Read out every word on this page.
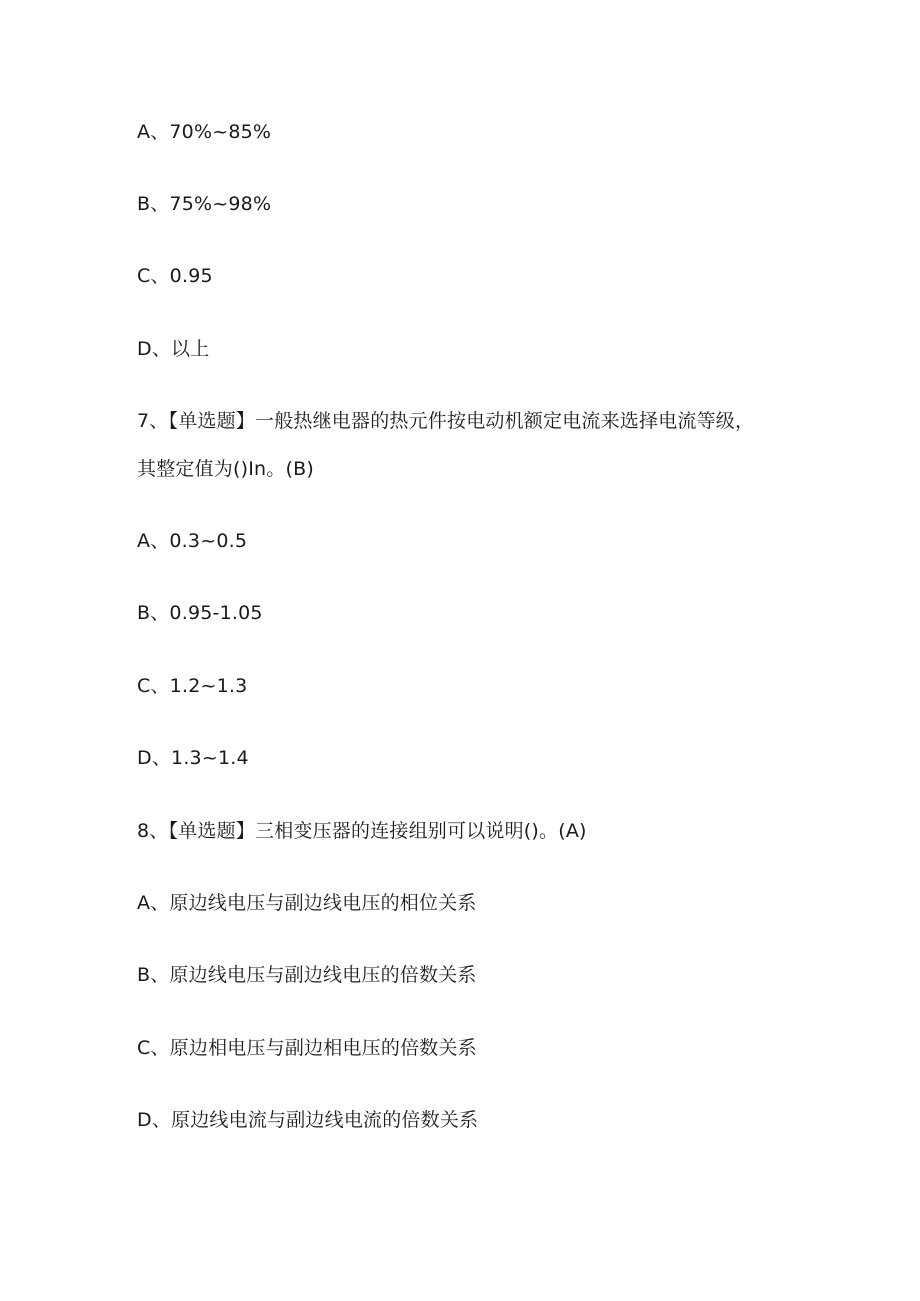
A、70%~85%
B、75%~98%
C、0.95
D、以上
7、【单选题】一般热继电器的热元件按电动机额定电流来选择电流等级，其整定值为()In。(B)
A、0.3~0.5
B、0.95-1.05
C、1.2~1.3
D、1.3~1.4
8、【单选题】三相变压器的连接组别可以说明()。(A)
A、原边线电压与副边线电压的相位关系
B、原边线电压与副边线电压的倍数关系
C、原边相电压与副边相电压的倍数关系
D、原边线电流与副边线电流的倍数关系
